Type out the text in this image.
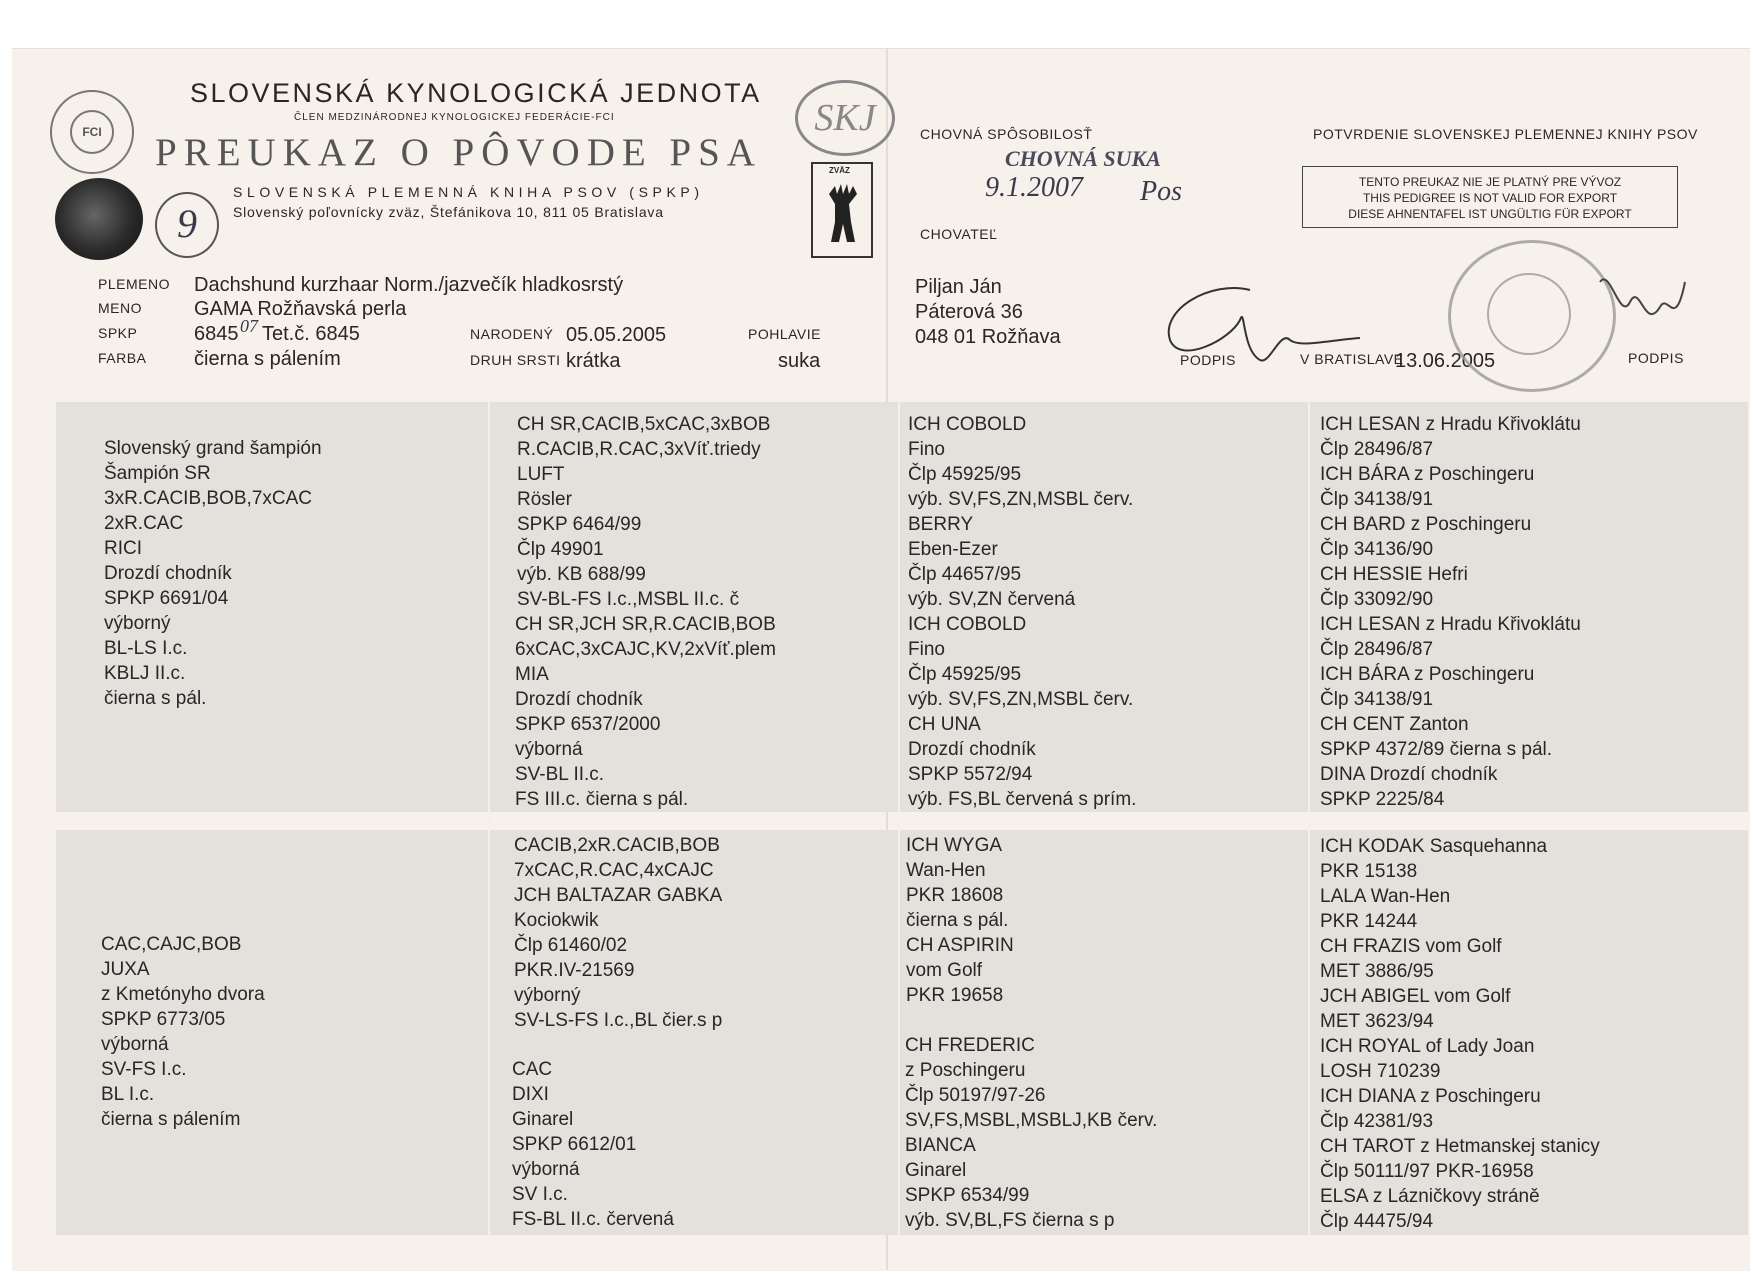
FCI
9
SLOVENSKÁ KYNOLOGICKÁ JEDNOTA
ČLEN MEDZINÁRODNEJ KYNOLOGICKEJ FEDERÁCIE-FCI
PREUKAZ O PÔVODE PSA
SLOVENSKÁ PLEMENNÁ KNIHA PSOV (SPKP)
Slovenský poľovnícky zväz, Štefánikova 10, 811 05 Bratislava
SKJ
ZVÄZ
PLEMENO
MENO
SPKP
FARBA
Dachshund kurzhaar Norm./jazvečík hladkosrstý
GAMA Rožňavská perla
6845 07 Tet.č. 6845
čierna s pálením
NARODENÝ
DRUH SRSTI
05.05.2005
krátka
POHLAVIE
suka
CHOVNÁ SPÔSOBILOSŤ
CHOVNÁ SUKA
9.1.2007 Pos
POTVRDENIE SLOVENSKEJ PLEMENNEJ KNIHY PSOV
TENTO PREUKAZ NIE JE PLATNÝ PRE VÝVOZ
THIS PEDIGREE IS NOT VALID FOR EXPORT
DIESE AHNENTAFEL IST UNGÜLTIG FÜR EXPORT
CHOVATEĽ
Piljan Ján
Páterová 36
048 01 Rožňava
PODPIS	V BRATISLAVE
13.06.2005	PODPIS
Slovenský grand šampión
Šampión SR
3xR.CACIB,BOB,7xCAC
2xR.CAC
RICI
Drozdí chodník
SPKP 6691/04
výborný
BL-LS I.c.
KBLJ II.c.
čierna s pál.
CH SR,CACIB,5xCAC,3xBOB
R.CACIB,R.CAC,3xVíť.triedy
LUFT
Rösler
SPKP 6464/99
Člp 49901
výb. KB 688/99
SV-BL-FS I.c.,MSBL II.c. č
CH SR,JCH SR,R.CACIB,BOB
6xCAC,3xCAJC,KV,2xVíť.plem
MIA
Drozdí chodník
SPKP 6537/2000
výborná
SV-BL II.c.
FS III.c. čierna s pál.
ICH COBOLD
Fino
Člp 45925/95
výb. SV,FS,ZN,MSBL červ.
BERRY
Eben-Ezer
Člp 44657/95
výb. SV,ZN červená
ICH COBOLD
Fino
Člp 45925/95
výb. SV,FS,ZN,MSBL červ.
CH UNA
Drozdí chodník
SPKP 5572/94
výb. FS,BL červená s prím.
ICH LESAN z Hradu Křivoklátu
Člp 28496/87
ICH BÁRA z Poschingeru
Člp 34138/91
CH BARD z Poschingeru
Člp 34136/90
CH HESSIE Hefri
Člp 33092/90
ICH LESAN z Hradu Křivoklátu
Člp 28496/87
ICH BÁRA z Poschingeru
Člp 34138/91
CH CENT Zanton
SPKP 4372/89 čierna s pál.
DINA Drozdí chodník
SPKP 2225/84
CAC,CAJC,BOB
JUXA
z Kmetónyho dvora
SPKP 6773/05
výborná
SV-FS I.c.
BL I.c.
čierna s pálením
CACIB,2xR.CACIB,BOB
7xCAC,R.CAC,4xCAJC
JCH BALTAZAR GABKA
Kociokwik
Člp 61460/02
PKR.IV-21569
výborný
SV-LS-FS I.c.,BL čier.s p
CAC
DIXI
Ginarel
SPKP 6612/01
výborná
SV I.c.
FS-BL II.c. červená
ICH WYGA
Wan-Hen
PKR 18608
čierna s pál.
CH ASPIRIN
vom Golf
PKR 19658
CH FREDERIC
z Poschingeru
Člp 50197/97-26
SV,FS,MSBL,MSBLJ,KB červ.
BIANCA
Ginarel
SPKP 6534/99
výb. SV,BL,FS čierna s p
ICH KODAK Sasquehanna
PKR 15138
LALA Wan-Hen
PKR 14244
CH FRAZIS vom Golf
MET 3886/95
JCH ABIGEL vom Golf
MET 3623/94
ICH ROYAL of Lady Joan
LOSH 710239
ICH DIANA z Poschingeru
Člp 42381/93
CH TAROT z Hetmanskej stanicy
Člp 50111/97 PKR-16958
ELSA z Lázničkovy stráně
Člp 44475/94
